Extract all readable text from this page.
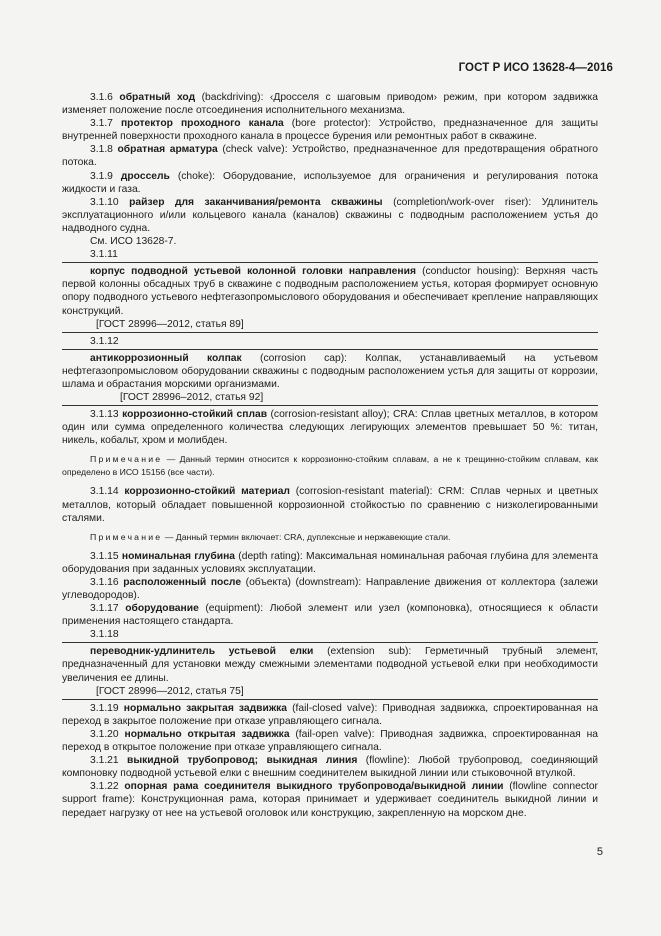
ГОСТ Р ИСО 13628-4—2016

3.1.6 обратный ход (backdriving): ‹Дросселя с шаговым приводом› режим, при котором задвижка изменяет положение после отсоединения исполнительного механизма.

3.1.7 протектор проходного канала (bore protector): Устройство, предназначенное для защиты внутренней поверхности проходного канала в процессе бурения или ремонтных работ в скважине.

3.1.8 обратная арматура (check valve): Устройство, предназначенное для предотвращения обратного потока.

3.1.9 дроссель (choke): Оборудование, используемое для ограничения и регулирования потока жидкости и газа.

3.1.10 райзер для заканчивания/ремонта скважины (completion/work-over riser): Удлинитель эксплуатационного и/или кольцевого канала (каналов) скважины с подводным расположением устья до надводного судна.

См. ИСО 13628-7.

3.1.11

корпус подводной устьевой колонной головки направления (conductor housing): Верхняя часть первой колонны обсадных труб в скважине с подводным расположением устья, которая формирует основную опору подводного устьевого нефтегазопромыслового оборудования и обеспечивает крепление направляющих конструкций.

[ГОСТ 28996—2012, статья 89]

3.1.12

антикоррозионный колпак (corrosion cap): Колпак, устанавливаемый на устьевом нефтегазопромысловом оборудовании скважины с подводным расположением устья для защиты от коррозии, шлама и обрастания морскими организмами.

[ГОСТ 28996–2012, статья 92]

3.1.13 коррозионно-стойкий сплав (corrosion-resistant alloy); CRA: Сплав цветных металлов, в котором один или сумма определенного количества следующих легирующих элементов превышает 50 %: титан, никель, кобальт, хром и молибден.

Примечание — Данный термин относится к коррозионно-стойким сплавам, а не к трещинно-стойким сплавам, как определено в ИСО 15156 (все части).

3.1.14 коррозионно-стойкий материал (corrosion-resistant material): CRM: Сплав черных и цветных металлов, который обладает повышенной коррозионной стойкостью по сравнению с низколегированными сталями.

Примечание — Данный термин включает: CRA, дуплексные и нержавеющие стали.

3.1.15 номинальная глубина (depth rating): Максимальная номинальная рабочая глубина для элемента оборудования при заданных условиях эксплуатации.

3.1.16 расположенный после (объекта) (downstream): Направление движения от коллектора (залежи углеводородов).

3.1.17 оборудование (equipment): Любой элемент или узел (компоновка), относящиеся к области применения настоящего стандарта.

3.1.18

переводник-удлинитель устьевой елки (extension sub): Герметичный трубный элемент, предназначенный для установки между смежными элементами подводной устьевой елки при необходимости увеличения ее длины.

[ГОСТ 28996—2012, статья 75]

3.1.19 нормально закрытая задвижка (fail-closed valve): Приводная задвижка, спроектированная на переход в закрытое положение при отказе управляющего сигнала.

3.1.20 нормально открытая задвижка (fail-open valve): Приводная задвижка, спроектированная на переход в открытое положение при отказе управляющего сигнала.

3.1.21 выкидной трубопровод; выкидная линия (flowline): Любой трубопровод, соединяющий компоновку подводной устьевой елки с внешним соединителем выкидной линии или стыковочной втулкой.

3.1.22 опорная рама соединителя выкидного трубопровода/выкидной линии (flowline connector support frame): Конструкционная рама, которая принимает и удерживает соединитель выкидной линии и передает нагрузку от нее на устьевой оголовок или конструкцию, закрепленную на морском дне.

5
